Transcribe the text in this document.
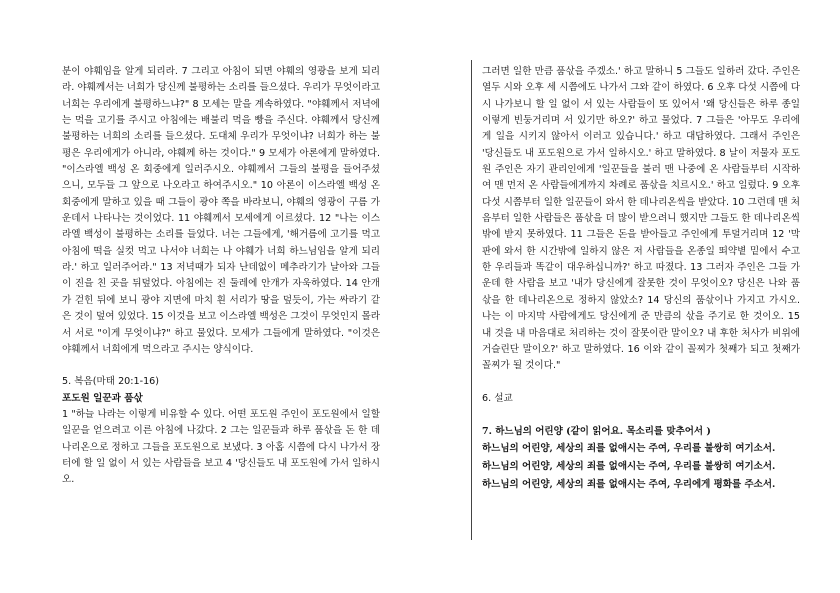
분이 야훼임을 알게 되리라. 7 그리고 아침이 되면 야훼의 영광을 보게 되리라. 야훼께서는 너희가 당신께 불평하는 소리를 들으셨다. 우리가 무엇이라고 너희는 우리에게 불평하느냐?" 8 모세는 말을 계속하였다. "야훼께서 저녁에는 먹을 고기를 주시고 아침에는 배불리 먹을 빵을 주신다. 야훼께서 당신께 불평하는 너희의 소리를 들으셨다. 도대체 우리가 무엇이냐? 너희가 하는 불평은 우리에게가 아니라, 야훼께 하는 것이다." 9 모세가 아론에게 말하였다. "이스라엘 백성 온 회중에게 일러주시오. 야훼께서 그들의 불평을 들어주셨으니, 모두들 그 앞으로 나오라고 하여주시오." 10 아론이 이스라엘 백성 온 회중에게 말하고 있을 때 그들이 광야 쪽을 바라보니, 야훼의 영광이 구름 가운데서 나타나는 것이었다. 11 야훼께서 모세에게 이르셨다. 12 "나는 이스라엘 백성이 불평하는 소리를 들었다. 너는 그들에게, '해거름에 고기를 먹고 아침에 떡을 실컷 먹고 나서야 너희는 나 야훼가 너희 하느님임을 알게 되리라.' 하고 일러주어라." 13 저녁때가 되자 난데없이 메추라기가 날아와 그들이 진을 친 곳을 뒤덮었다. 아침에는 진 둘레에 안개가 자욱하였다. 14 안개가 걷힌 뒤에 보니 광야 지면에 마치 흰 서리가 땅을 덮듯이, 가는 싸라기 같은 것이 덮여 있었다. 15 이것을 보고 이스라엘 백성은 그것이 무엇인지 몰라서 서로 "이게 무엇이냐?" 하고 물었다. 모세가 그들에게 말하였다. "이것은 야훼께서 너희에게 먹으라고 주시는 양식이다.

5. 복음(마태 20:1-16)

포도원 일꾼과 품삯

1 "하늘 나라는 이렇게 비유할 수 있다. 어떤 포도원 주인이 포도원에서 일할 일꾼을 얻으려고 이른 아침에 나갔다. 2 그는 일꾼들과 하루 품삯을 돈 한 데나리온으로 정하고 그들을 포도원으로 보냈다. 3 아홉 시쯤에 다시 나가서 장터에 할 일 없이 서 있는 사람들을 보고 4 '당신들도 내 포도원에 가서 일하시오.

그러면 일한 만큼 품삯을 주겠소.' 하고 말하니 5 그들도 일하러 갔다. 주인은 열두 시와 오후 세 시쯤에도 나가서 그와 같이 하였다. 6 오후 다섯 시쯤에 다시 나가보니 할 일 없이 서 있는 사람들이 또 있어서 '왜 당신들은 하루 종일 이렇게 빈둥거리며 서 있기만 하오?' 하고 물었다. 7 그들은 '아무도 우리에게 일을 시키지 않아서 이러고 있습니다.' 하고 대답하였다. 그래서 주인은 '당신들도 내 포도원으로 가서 일하시오.' 하고 말하였다. 8 날이 저물자 포도원 주인은 자기 관리인에게 '일꾼들을 불러 맨 나중에 온 사람들부터 시작하여 맨 먼저 온 사람들에게까지 차례로 품삯을 치르시오.' 하고 일렀다. 9 오후 다섯 시쯤부터 일한 일꾼들이 와서 한 데나리온씩을 받았다. 10 그런데 맨 처음부터 일한 사람들은 품삯을 더 많이 받으려니 했지만 그들도 한 데나리온씩밖에 받지 못하였다. 11 그들은 돈을 받아들고 주인에게 투덜거리며 12 '막판에 와서 한 시간밖에 일하지 않은 저 사람들을 온종일 뙤약볕 밑에서 수고한 우리들과 똑같이 대우하십니까?' 하고 따졌다. 13 그러자 주인은 그들 가운데 한 사람을 보고 '내가 당신에게 잘못한 것이 무엇이오? 당신은 나와 품삯을 한 데나리온으로 정하지 않았소? 14 당신의 품삯이나 가지고 가시오. 나는 이 마지막 사람에게도 당신에게 준 만큼의 삯을 주기로 한 것이오. 15 내 것을 내 마음대로 처리하는 것이 잘못이란 말이오? 내 후한 처사가 비위에 거슬린단 말이오?' 하고 말하였다. 16 이와 같이 꼴찌가 첫째가 되고 첫째가 꼴찌가 될 것이다."

6. 설교

7. 하느님의 어린양 (같이 읽어요. 목소리를 맞추어서 )

하느님의 어린양, 세상의 죄를 없애시는 주여, 우리를 불쌍히 여기소서.

하느님의 어린양, 세상의 죄를 없애시는 주여, 우리를 불쌍히 여기소서.

하느님의 어린양, 세상의 죄를 없애시는 주여, 우리에게 평화를 주소서.
